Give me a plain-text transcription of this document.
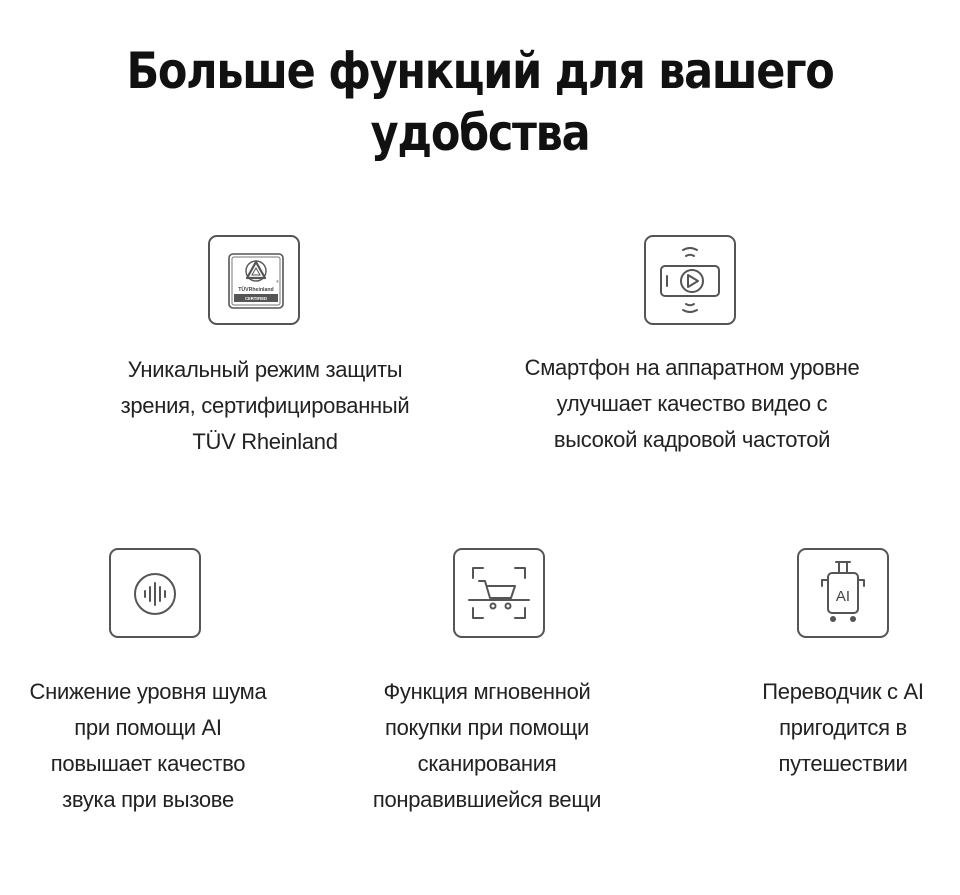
Больше функций для вашего
удобства
®
CERTIFIED
TÜVRheinland
Уникальный режим защиты
зрения, сертифицированный
TÜV Rheinland
Смартфон на аппаратном уровне
улучшает качество видео с
высокой кадровой частотой
Снижение уровня шума
при помощи AI
повышает качество
звука при вызове
Функция мгновенной
покупки при помощи
сканирования
понравившиейся вещи
AI
Переводчик с AI
пригодится в
путешествии
